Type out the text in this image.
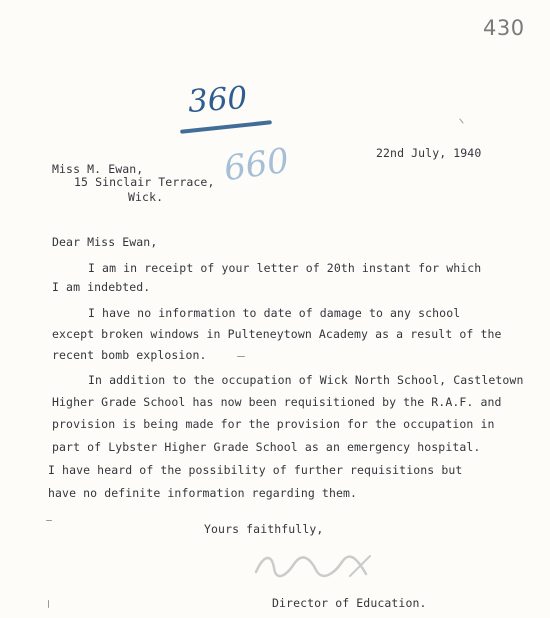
430
360
660	22nd July, 1940
Miss M. Ewan,
15 Sinclair Terrace,
Wick.
Dear Miss Ewan,
I am in receipt of your letter of 20th instant for which
I am indebted.
I have no information to date of damage to any school
except broken windows in Pulteneytown Academy as a result of the
recent bomb explosion.
In addition to the occupation of Wick North School, Castletown
Higher Grade School has now been requisitioned by the R.A.F. and
provision is being made for the provision for the occupation in
part of Lybster Higher Grade School as an emergency hospital.
I have heard of the possibility of further requisitions but
have no definite information regarding them.
Yours faithfully,
Director of Education.
